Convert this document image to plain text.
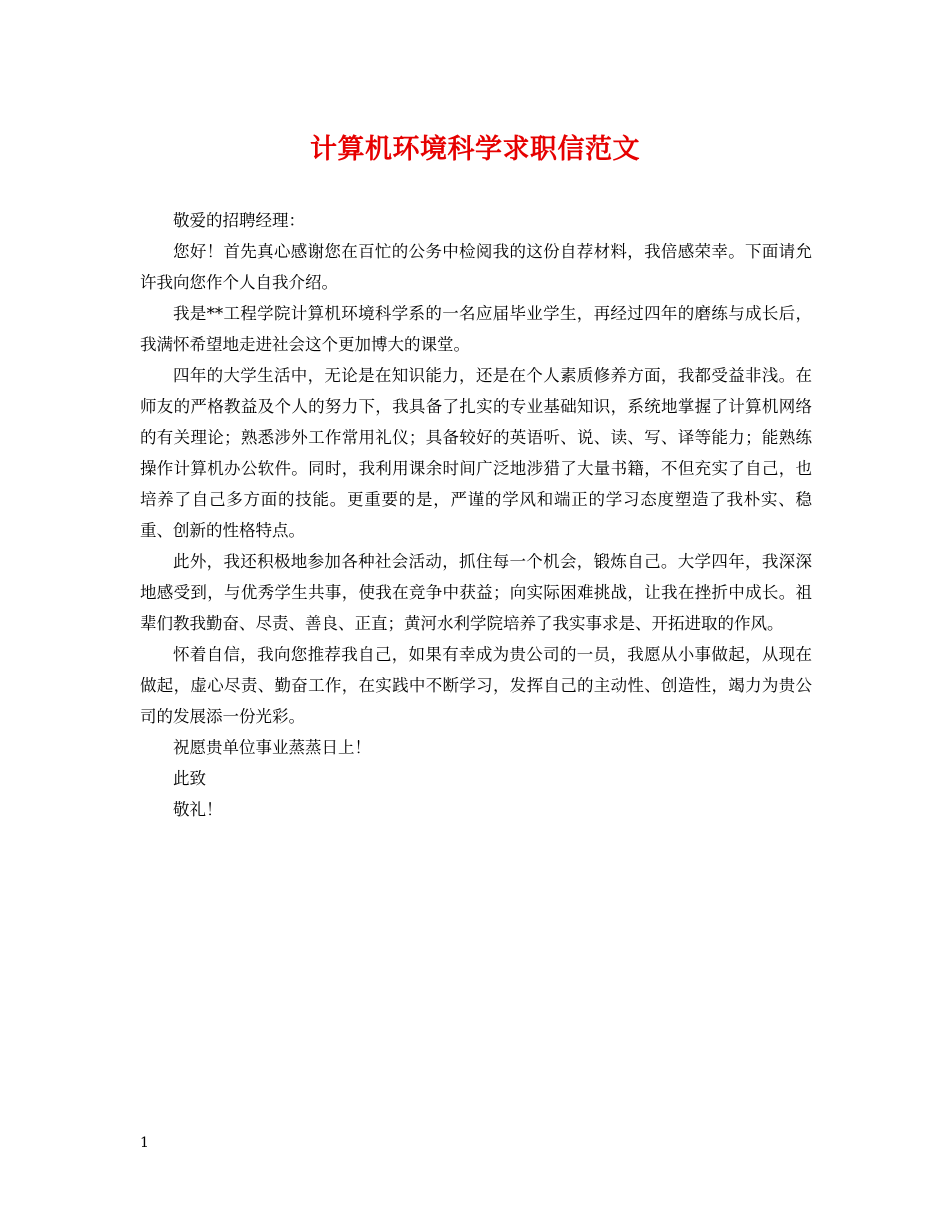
计算机环境科学求职信范文

敬爱的招聘经理：

您好！首先真心感谢您在百忙的公务中检阅我的这份自荐材料，我倍感荣幸。下面请允许我向您作个人自我介绍。

我是**工程学院计算机环境科学系的一名应届毕业学生，再经过四年的磨练与成长后，我满怀希望地走进社会这个更加博大的课堂。

四年的大学生活中，无论是在知识能力，还是在个人素质修养方面，我都受益非浅。在师友的严格教益及个人的努力下，我具备了扎实的专业基础知识，系统地掌握了计算机网络的有关理论；熟悉涉外工作常用礼仪；具备较好的英语听、说、读、写、译等能力；能熟练操作计算机办公软件。同时，我利用课余时间广泛地涉猎了大量书籍，不但充实了自己，也培养了自己多方面的技能。更重要的是，严谨的学风和端正的学习态度塑造了我朴实、稳重、创新的性格特点。

此外，我还积极地参加各种社会活动，抓住每一个机会，锻炼自己。大学四年，我深深地感受到，与优秀学生共事，使我在竞争中获益；向实际困难挑战，让我在挫折中成长。祖辈们教我勤奋、尽责、善良、正直；黄河水利学院培养了我实事求是、开拓进取的作风。

怀着自信，我向您推荐我自己，如果有幸成为贵公司的一员，我愿从小事做起，从现在做起，虚心尽责、勤奋工作，在实践中不断学习，发挥自己的主动性、创造性，竭力为贵公司的发展添一份光彩。

祝愿贵单位事业蒸蒸日上！

此致

敬礼！

1
